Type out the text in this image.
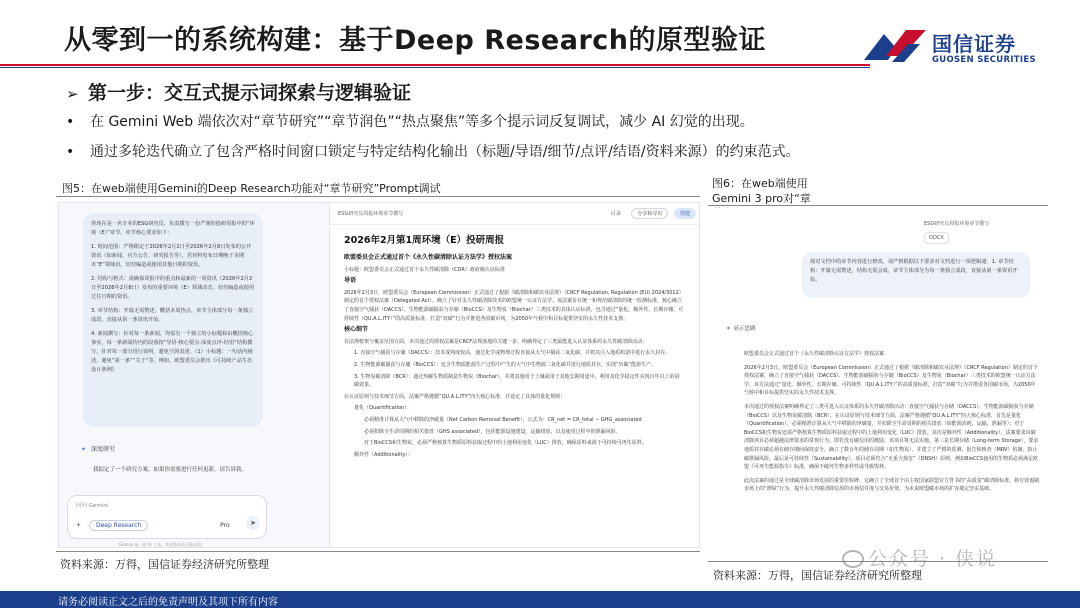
从零到一的系统构建：基于Deep Research的原型验证	国信证券
GUOSEN SECURITIES
➢ 第一步：交互式提示词探索与逻辑验证
• 在 Gemini Web 端依次对“章节研究”“章节润色”“热点聚焦”等多个提示词反复调试，减少 AI 幻觉的出现。
• 通过多轮迭代确立了包含严格时间窗口锁定与特定结构化输出（标题/导语/细节/点评/结语/资料来源）的约束范式。
图5：在web端使用Gemini的Deep Research功能对“章节研究”Prompt调试	图6：在web端使用Gemini 3 pro对“章

你现在是一名专业的ESG研究员，负责撰写一份严谨的投研周报中的“环境（E）”章节。章节核心要求如下：

1. 时间范围：严格限定于2026年2月2日至2026年2月8日发布的公开资讯（如新闻、官方公告、研究报告等），若材料发布日期晚于本期末“E”领域讯，切勿编造或使用其他日期的资讯。

2. 结构与格式：需确保周报中的重点和最新的一周资讯（2026年2月2日至2026年2月8日）发布的重要环境（E）领域动态，切勿编造或使用过往日期的资讯。

3. 章节结构：开篇无需赘述，概括本周热点，章节主体部分每一条独立成段，直接从第一条资讯开始。

4. 新闻撰写：针对每一条新闻，均需有一个独立的小标题和由概括核心事实，每一条新闻均内的段落按“导语-核心要点-深度点评-结语”结构撰写，针对每一部分进行说明，避免空洞表述。（1）小标题：一句话内阐述，避免“第一条”“关于”等。例如，欧盟委员会推出《可持续产品生态设计条例》

✦ 深度研究
我拟定了一个研究方案。如果你需要进行任何更新，请告诉我。
问问 Gemini
+ Deep Research	Pro	➤
Gemini 是一款 AI 工具，其回答未必正确无误。
ESG研究员周报环境章节撰写	目录	分享和导出	创建
2026年2月第1周环境（E）投研周报
欧盟委员会正式通过首个《永久性碳清除认证方法学》授权法案

小标题：欧盟委员会正式通过首个永久性碳清除（CDR）政府级认证标准

导语

2026年2月3日，欧盟委员会（European Commission）正式通过了根据《碳清除和碳农业法规》（CRCF Regulation, Regulation (EU) 2024/3012）制定的首个授权法案（Delegated Act）。确立了针对永久性碳清除技术的欧盟统一认证方法学。该法案旨在统一和规范碳清除的统一监测标准，核心确立了直接空气捕获（DACCS）、生物能源碳捕获与存储（BioCCS）及生物炭（Biochar）三类技术的具体认证标准，包含通过“量化、额外性、长期存储、可持续性（QU.A.L.ITY）”的高质量标准，打造“双碳”行为并推进各国碳市场，为2050年气候中和目标提供坚实的永久性技术支撑。

核心细节

在法规框架与覆盖范围方面，本次通过的授权法案是CRCF法规落地的关键一步，明确界定了三类最能进入认证体系的永久性碳清除活动：

1. 直接空气捕获与存储（DACCS）：技术成熟度较高，通过化学或物理过程直接从大气中捕获二氧化碳，并将其注入地质构造中进行永久封存。

2. 生物能源碳捕获与存储（BioCCS）：包含生物质能源生产过程中产生的大气中生物源二氧化碳并进行地质封存，实现“负碳”能源生产。

3. 生物炭碳清除（BCR）：通过热解生物质制造生物炭（Biochar），并将其施用于土壤或用于其他长期用途中，利用其化学稳定性实现百年以上的固碳效果。

在认证原则与技术细节方面，法案严格遵循“QU.A.L.ITY”四大核心标准，并设定了具体的量化规则：

量化（Quantification）：

必须精准计算从大气中移除的净碳量（Net Carbon Removal Benefit），公式为：CR_net = CR_total − GHG_associated

必须扣除全生命周期的相关排放（GHS associated），包括能源设施建设，运输排放，以及使用过程中的泄漏风险。

对于BioCCS和生物炭，必须严格核算生物质原料获取过程中的土地利用变化（LUC）排放，确保原料来源于可持续可再生原料。

额外性（Additionality）：

ESG研究员周报环境章节撰写
DOCX
现对文档中的章节内容进行修改，请严格根据以下要求对文档进行一项逻辑通：1. 章节结构：开篇无需赘述，结构无需会成，章节主体部分为每一条独立成段，直接从第一条资讯开始。
✦ 显示思路

欧盟委员会正式通过首个《永久性碳清除认证方法学》授权法案

2026年2月3日，欧盟委员会（European Commission）正式通过了根据《碳清除和碳农业法规》（CRCF Regulation）制定的首个授权法案，确立了直接空气捕获（DACCS）、生物能源碳捕获与存储（BioCCS）及生物炭（Biochar）三类技术的欧盟统一认证方法学。该方法通过“量化、额外性、长期存储、可持续性（QU.A.L.ITY）”的高质量标准，打造“双碳”行为并推进各国碳市场，为2050年气候中和目标提供坚实的永久性技术支撑。

本次通过的授权法案明确界定了三类可进入认证体系的永久性碳清除活动：直接空气捕获与存储（DACCS）、生物能源碳捕获与存储（BioCCS）以及生物炭碳清除（BCR）。在认证原则与技术细节方面，法案严格遵循“QU.A.L.ITY”四大核心标准，首先是量化（Quantification），必须精准计算从大气中移除的净碳量，并扣除全生命周期的相关排放（如能源消耗、运输、泄漏等）；对于BioCCS和生物炭还需严格核算生物质原料获取过程中的土地利用变化（LUC）排放。其次是额外性（Additionality），法案要求该碳清除项目必须超越法律要求的常规行为，即若没有碳信用的激励，该项目将无法实施。第三是长期存储（Long-term Storage），要求地质封存碳必须在储存期间保持安全，确立了数百年的储存周期（如生物炭），并建立了严格的监测、报告和核查（MRV）机制，防止碳泄漏风险。最后是可持续性（Sustainability），项目必须符合“无重大损害”（DNSH）原则，例如BioCCS使用的生物质必须满足欧盟《可再生能源指令》标准，确保不破坏生物多样性或导致毁林。

此次法案的通过是全球碳清除市场发展的重要里程碑，它确立了全球首个由主权国家联盟官方背书的“高质量”碳清除标准，将有效遏制市场上的“漂绿”行为，提升永久性碳清除信用的市场信任度与交易价值，为未来欧盟碳市场的扩容奠定坚实基础。

资料来源：万得，国信证券经济研究所整理
资料来源：万得，国信证券经济研究所整理
公众号 · 侠说
请务必阅读正文之后的免责声明及其项下所有内容
